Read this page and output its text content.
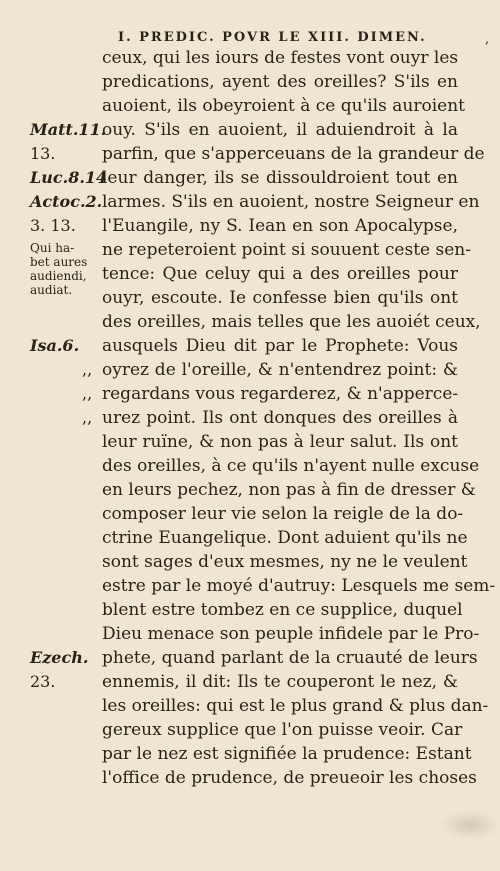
I. PREDIC. POVR LE XIII. DIMEN.	,
ceux, qui les iours de festes vont ouyr les
predications, ayent des oreilles? S'ils en
auoient, ils obeyroient à ce qu'ils auroient
ouy. S'ils en auoient, il aduiendroit à la
parfin, que s'apperceuans de la grandeur de
leur danger, ils se dissouldroient tout en
larmes. S'ils en auoient, nostre Seigneur en
l'Euangile, ny S. Iean en son Apocalypse,
ne repeteroient point si souuent ceste sen-
tence: Que celuy qui a des oreilles pour
ouyr, escoute. Ie confesse bien qu'ils ont
des oreilles, mais telles que les auoiét ceux,
ausquels Dieu dit par le Prophete: Vous
oyrez de l'oreille, & n'entendrez point: &
regardans vous regarderez, & n'apperce-
urez point. Ils ont donques des oreilles à
leur ruïne, & non pas à leur salut. Ils ont
des oreilles, à ce qu'ils n'ayent nulle excuse
en leurs pechez, non pas à fin de dresser &
composer leur vie selon la reigle de la do-
ctrine Euangelique. Dont aduient qu'ils ne
sont sages d'eux mesmes, ny ne le veulent
estre par le moyé d'autruy: Lesquels me sem-
blent estre tombez en ce supplice, duquel
Dieu menace son peuple infidele par le Pro-
phete, quand parlant de la cruauté de leurs
ennemis, il dit: Ils te couperont le nez, &
les oreilles: qui est le plus grand & plus dan-
gereux supplice que l'on puisse veoir. Car
par le nez est signifiée la prudence: Estant
l'office de prudence, de preueoir les choses
Matt.11.
13.
Luc.8.14
Actoc.2.
3. 13.
Qui ha-
bet aures
audiendi,
audiat.
Isa.6.
Ezech.
23.
,,
,,
,,
